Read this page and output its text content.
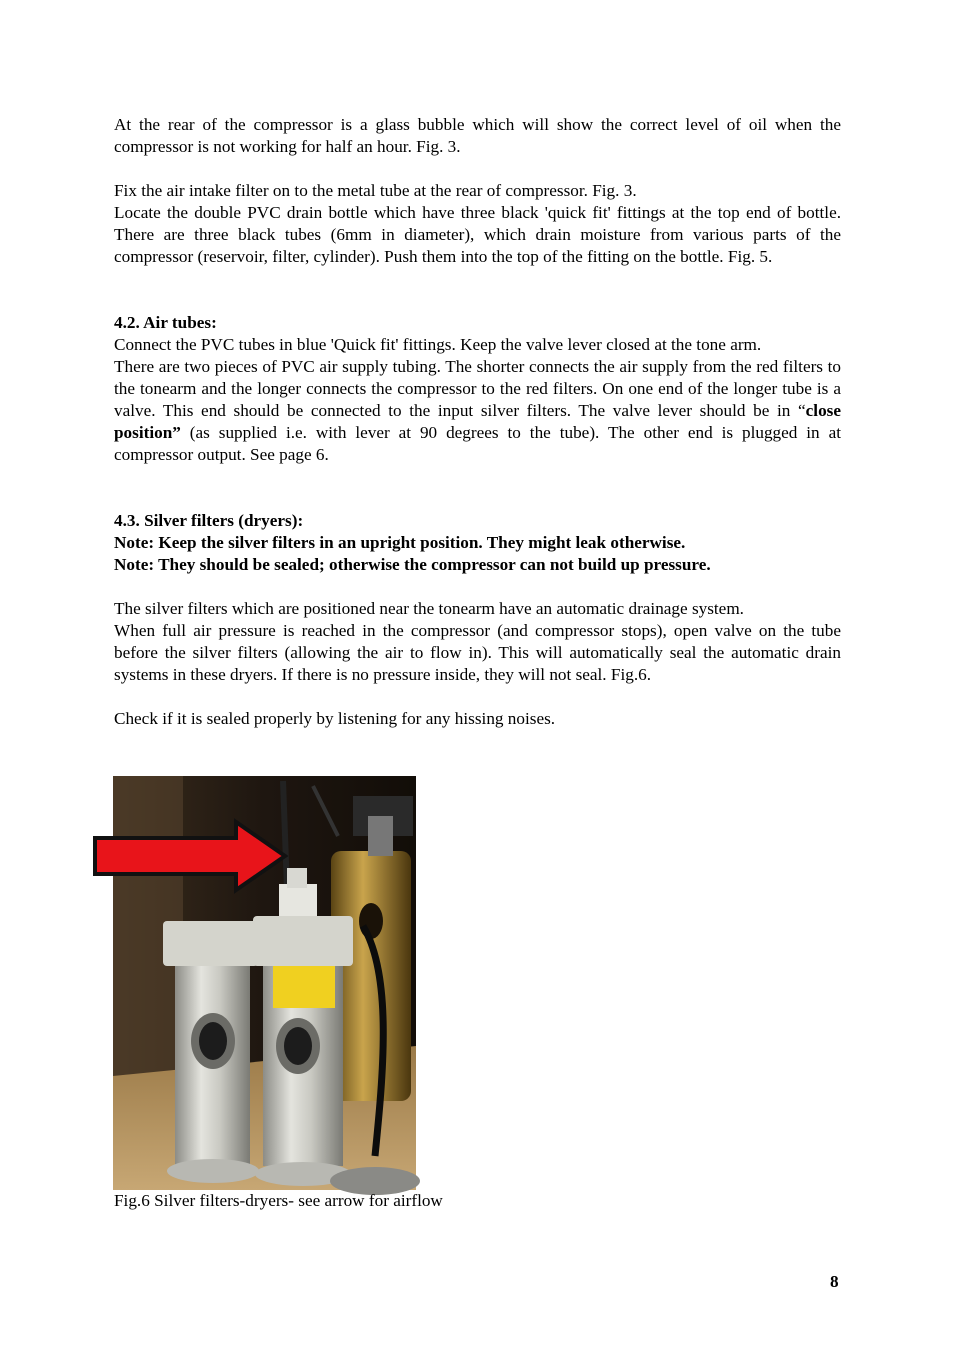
At the rear of the compressor is a glass bubble which will show the correct level of oil when the compressor is not working for half an hour. Fig. 3.

Fix the air intake filter on to the metal tube at the rear of compressor. Fig. 3.

Locate the double PVC drain bottle which have three black 'quick fit' fittings at the top end of bottle. There are three black tubes (6mm in diameter), which drain moisture from various parts of the compressor (reservoir, filter, cylinder). Push them into the top of the fitting on the bottle. Fig. 5.

4.2. Air tubes:

Connect the PVC tubes in blue 'Quick fit' fittings. Keep the valve lever closed at the tone arm.

There are two pieces of PVC air supply tubing. The shorter connects the air supply from the red filters to the tonearm and the longer connects the compressor to the red filters. On one end of the longer tube is a valve. This end should be connected to the input silver filters. The valve lever should be in “close position” (as supplied i.e. with lever at 90 degrees to the tube). The other end is plugged in at compressor output. See page 6.

4.3. Silver filters (dryers):

Note: Keep the silver filters in an upright position. They might leak otherwise.

Note: They should be sealed; otherwise the compressor can not build up pressure.

The silver filters which are positioned near the tonearm have an automatic drainage system.

When full air pressure is reached in the compressor (and compressor stops), open valve on the tube before the silver filters (allowing the air to flow in). This will automatically seal the automatic drain systems in these dryers. If there is no pressure inside, they will not seal. Fig.6.

Check if it is sealed properly by listening for any hissing noises.

Fig.6 Silver filters-dryers- see arrow for airflow
8
